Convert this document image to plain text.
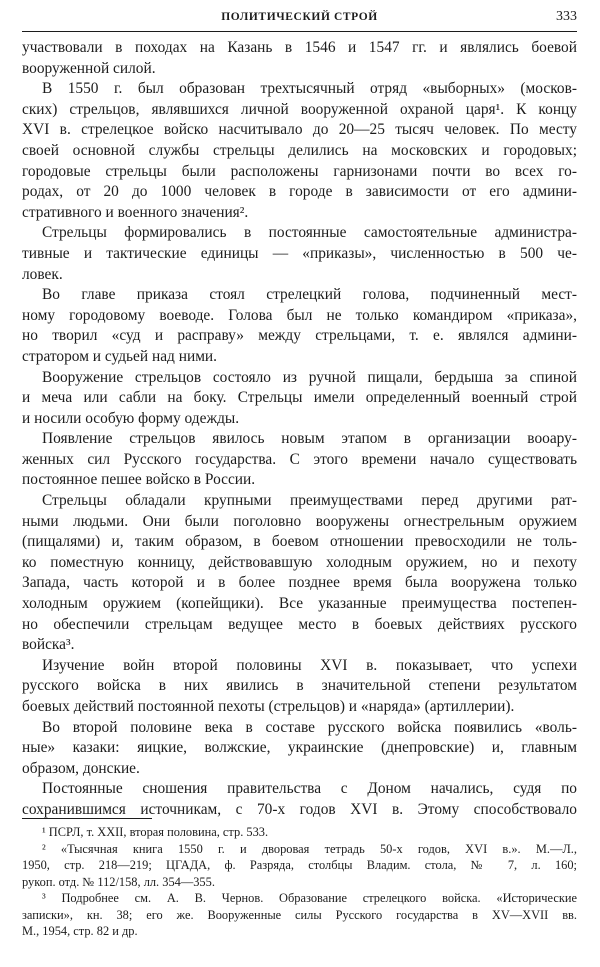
ПОЛИТИЧЕСКИЙ СТРОЙ	333
участвовали в походах на Казань в 1546 и 1547 гг. и являлись боевой
вооруженной силой.
В 1550 г. был образован трехтысячный отряд «выборных» (москов-
ских) стрельцов, являвшихся личной вооруженной охраной царя¹. К концу
XVI в. стрелецкое войско насчитывало до 20—25 тысяч человек. По месту
своей основной службы стрельцы делились на московских и городовых;
городовые стрельцы были расположены гарнизонами почти во всех го-
родах, от 20 до 1000 человек в городе в зависимости от его админи-
стративного и военного значения².
Стрельцы формировались в постоянные самостоятельные администра-
тивные и тактические единицы — «приказы», численностью в 500 че-
ловек.
Во главе приказа стоял стрелецкий голова, подчиненный мест-
ному городовому воеводе. Голова был не только командиром «приказа»,
но творил «суд и расправу» между стрельцами, т. е. являлся админи-
стратором и судьей над ними.
Вооружение стрельцов состояло из ручной пищали, бердыша за спиной
и меча или сабли на боку. Стрельцы имели определенный военный строй
и носили особую форму одежды.
Появление стрельцов явилось новым этапом в организации вооару-
женных сил Русского государства. С этого времени начало существовать
постоянное пешее войско в России.
Стрельцы обладали крупными преимуществами перед другими рат-
ными людьми. Они были поголовно вооружены огнестрельным оружием
(пищалями) и, таким образом, в боевом отношении превосходили не толь-
ко поместную конницу, действовавшую холодным оружием, но и пехоту
Запада, часть которой и в более позднее время была вооружена только
холодным оружием (копейщики). Все указанные преимущества постепен-
но обеспечили стрельцам ведущее место в боевых действиях русского
войска³.
Изучение войн второй половины XVI в. показывает, что успехи
русского войска в них явились в значительной степени результатом
боевых действий постоянной пехоты (стрельцов) и «наряда» (артиллерии).
Во второй половине века в составе русского войска появились «воль-
ные» казаки: яицкие, волжские, украинские (днепровские) и, главным
образом, донские.
Постоянные сношения правительства с Доном начались, судя по
сохранившимся источникам, с 70-х годов XVI в. Этому способствовало
¹ ПСРЛ, т. XXII, вторая половина, стр. 533.
² «Тысячная книга 1550 г. и дворовая тетрадь 50-х годов, XVI в.». М.—Л.,
1950, стр. 218—219; ЦГАДА, ф. Разряда, столбцы Владим. стола, № 7, л. 160;
рукоп. отд. № 112/158, лл. 354—355.
³ Подробнее см. А. В. Чернов. Образование стрелецкого войска. «Исторические
записки», кн. 38; его же. Вооруженные силы Русского государства в XV—XVII вв.
М., 1954, стр. 82 и др.
